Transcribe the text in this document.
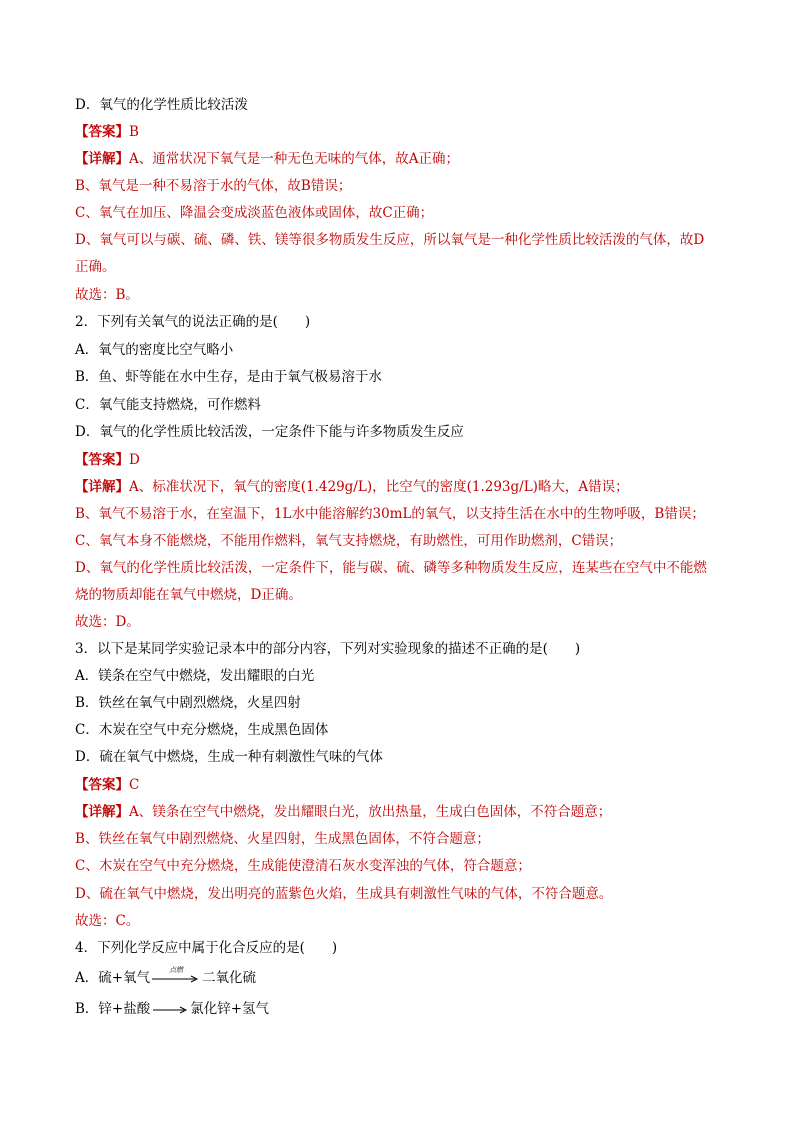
D．氧气的化学性质比较活泼
【答案】B
【详解】A、通常状况下氧气是一种无色无味的气体，故A正确；
B、氧气是一种不易溶于水的气体，故B错误；
C、氧气在加压、降温会变成淡蓝色液体或固体，故C正确；
D、氧气可以与碳、硫、磷、铁、镁等很多物质发生反应，所以氧气是一种化学性质比较活泼的气体，故D
正确。
故选：B。
2．下列有关氧气的说法正确的是(　　)
A．氧气的密度比空气略小
B．鱼、虾等能在水中生存，是由于氧气极易溶于水
C．氧气能支持燃烧，可作燃料
D．氧气的化学性质比较活泼，一定条件下能与许多物质发生反应
【答案】D
【详解】A、标准状况下，氧气的密度(1.429g/L)，比空气的密度(1.293g/L)略大，A错误；
B、氧气不易溶于水，在室温下，1L水中能溶解约30mL的氧气，以支持生活在水中的生物呼吸，B错误；
C、氧气本身不能燃烧，不能用作燃料，氧气支持燃烧，有助燃性，可用作助燃剂，C错误；
D、氧气的化学性质比较活泼，一定条件下，能与碳、硫、磷等多种物质发生反应，连某些在空气中不能燃
烧的物质却能在氧气中燃烧，D正确。
故选：D。
3．以下是某同学实验记录本中的部分内容，下列对实验现象的描述不正确的是(　　)
A．镁条在空气中燃烧，发出耀眼的白光
B．铁丝在氧气中剧烈燃烧，火星四射
C．木炭在空气中充分燃烧，生成黑色固体
D．硫在氧气中燃烧，生成一种有刺激性气味的气体
【答案】C
【详解】A、镁条在空气中燃烧，发出耀眼白光，放出热量，生成白色固体，不符合题意；
B、铁丝在氧气中剧烈燃烧、火星四射，生成黑色固体，不符合题意；
C、木炭在空气中充分燃烧，生成能使澄清石灰水变浑浊的气体，符合题意；
D、硫在氧气中燃烧，发出明亮的蓝紫色火焰，生成具有刺激性气味的气体，不符合题意。
故选：C。
4．下列化学反应中属于化合反应的是(　　)
A．硫+氧气
点燃
二氧化硫
B．锌+盐酸	氯化锌+氢气
